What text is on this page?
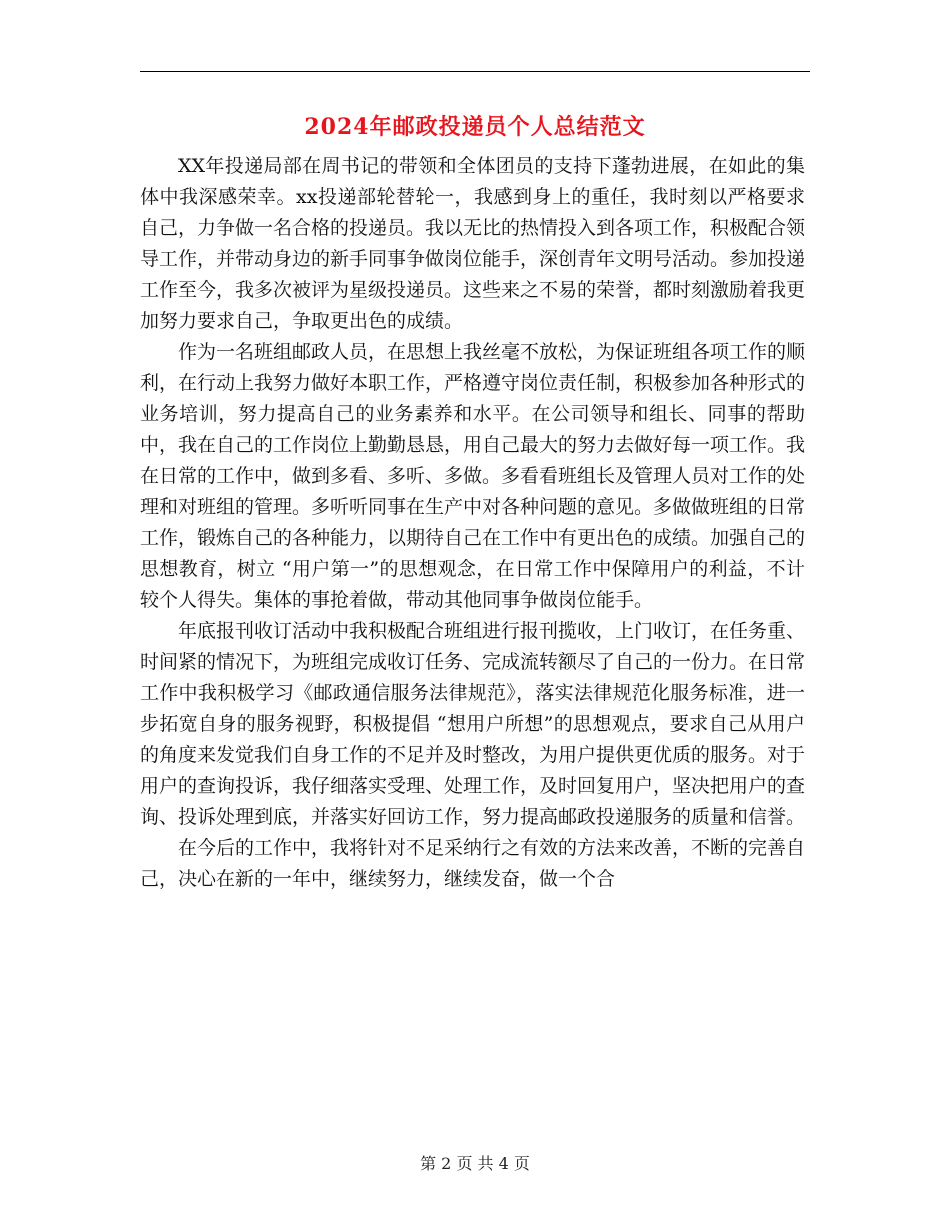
2024年邮政投递员个人总结范文

XX年投递局部在周书记的带领和全体团员的支持下蓬勃进展，在如此的集体中我深感荣幸。xx投递部轮替轮一，我感到身上的重任，我时刻以严格要求自己，力争做一名合格的投递员。我以无比的热情投入到各项工作，积极配合领导工作，并带动身边的新手同事争做岗位能手，深创青年文明号活动。参加投递工作至今，我多次被评为星级投递员。这些来之不易的荣誉，都时刻激励着我更加努力要求自己，争取更出色的成绩。

作为一名班组邮政人员，在思想上我丝毫不放松，为保证班组各项工作的顺利，在行动上我努力做好本职工作，严格遵守岗位责任制，积极参加各种形式的业务培训，努力提高自己的业务素养和水平。在公司领导和组长、同事的帮助中，我在自己的工作岗位上勤勤恳恳，用自己最大的努力去做好每一项工作。我在日常的工作中，做到多看、多听、多做。多看看班组长及管理人员对工作的处理和对班组的管理。多听听同事在生产中对各种问题的意见。多做做班组的日常工作，锻炼自己的各种能力，以期待自己在工作中有更出色的成绩。加强自己的思想教育，树立 “用户第一”的思想观念，在日常工作中保障用户的利益，不计较个人得失。集体的事抢着做，带动其他同事争做岗位能手。

年底报刊收订活动中我积极配合班组进行报刊揽收，上门收订，在任务重、时间紧的情况下，为班组完成收订任务、完成流转额尽了自己的一份力。在日常工作中我积极学习《邮政通信服务法律规范》，落实法律规范化服务标准，进一步拓宽自身的服务视野，积极提倡 “想用户所想”的思想观点，要求自己从用户的角度来发觉我们自身工作的不足并及时整改，为用户提供更优质的服务。对于用户的查询投诉，我仔细落实受理、处理工作，及时回复用户，坚决把用户的查询、投诉处理到底，并落实好回访工作，努力提高邮政投递服务的质量和信誉。

在今后的工作中，我将针对不足采纳行之有效的方法来改善，不断的完善自己，决心在新的一年中，继续努力，继续发奋，做一个合

第 2 页 共 4 页
